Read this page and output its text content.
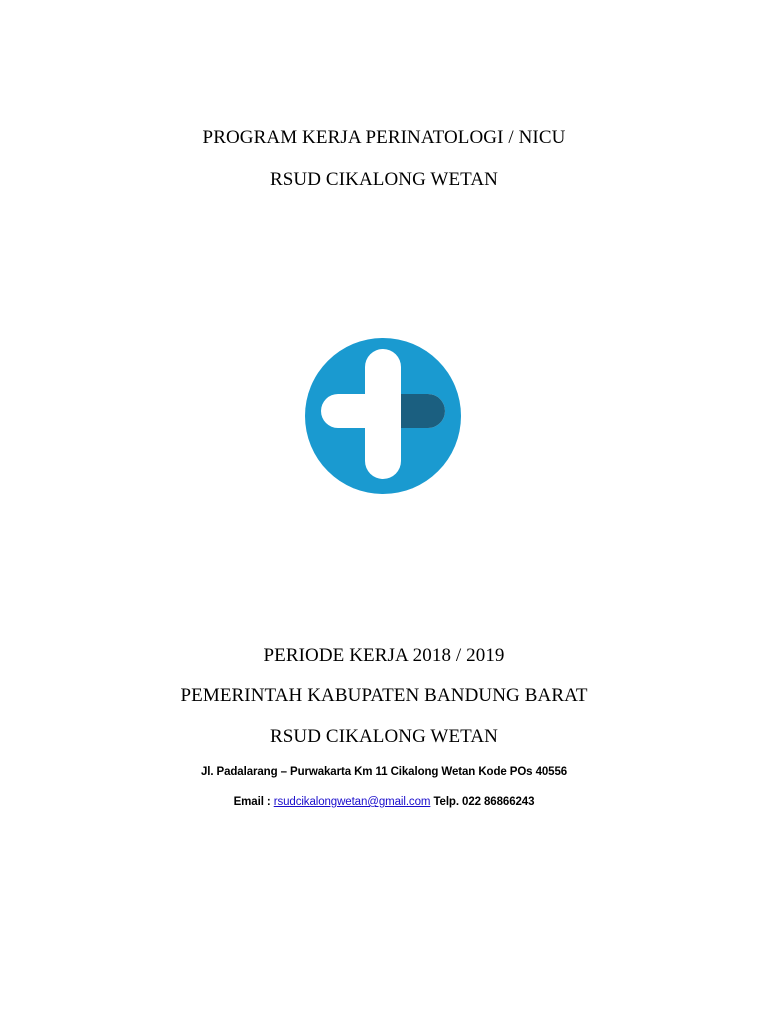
PROGRAM KERJA PERINATOLOGI / NICU
RSUD CIKALONG WETAN
PERIODE KERJA 2018 / 2019
PEMERINTAH KABUPATEN BANDUNG BARAT
RSUD CIKALONG WETAN
Jl. Padalarang – Purwakarta Km 11 Cikalong Wetan Kode POs 40556
Email : rsudcikalongwetan@gmail.com Telp. 022 86866243
